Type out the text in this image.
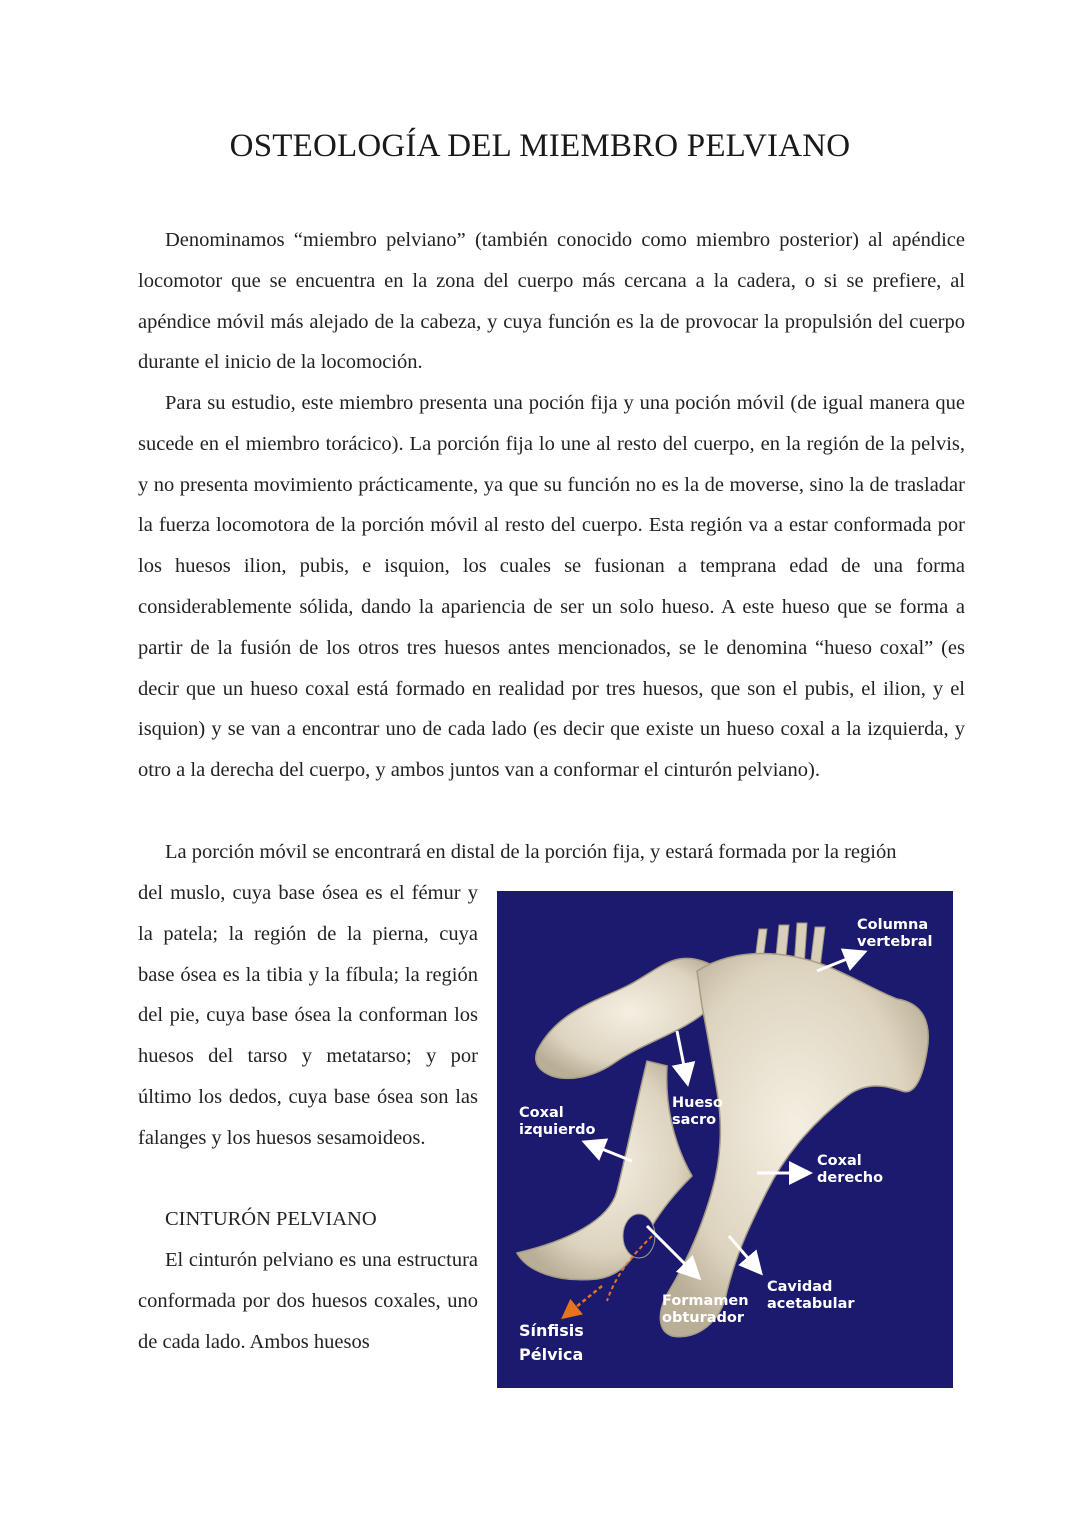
OSTEOLOGÍA DEL MIEMBRO PELVIANO

Denominamos “miembro pelviano” (también conocido como miembro posterior) al apéndice locomotor que se encuentra en la zona del cuerpo más cercana a la cadera, o si se prefiere, al apéndice móvil más alejado de la cabeza, y cuya función es la de provocar la propulsión del cuerpo durante el inicio de la locomoción.

Para su estudio, este miembro presenta una poción fija y una poción móvil (de igual manera que sucede en el miembro torácico). La porción fija lo une al resto del cuerpo, en la región de la pelvis, y no presenta movimiento prácticamente, ya que su función no es la de moverse, sino la de trasladar la fuerza locomotora de la porción móvil al resto del cuerpo. Esta región va a estar conformada por los huesos ilion, pubis, e isquion, los cuales se fusionan a temprana edad de una forma considerablemente sólida, dando la apariencia de ser un solo hueso. A este hueso que se forma a partir de la fusión de los otros tres huesos antes mencionados, se le denomina “hueso coxal” (es decir que un hueso coxal está formado en realidad por tres huesos, que son el pubis, el ilion, y el isquion) y se van a encontrar uno de cada lado (es decir que existe un hueso coxal a la izquierda, y otro a la derecha del cuerpo, y ambos juntos van a conformar el cinturón pelviano).

La porción móvil se encontrará en distal de la porción fija, y estará formada por la región

del muslo, cuya base ósea es el fémur y la patela; la región de la pierna, cuya base ósea es la tibia y la fíbula; la región del pie, cuya base ósea la conforman los huesos del tarso y metatarso; y por último los dedos, cuya base ósea son las falanges y los huesos sesamoideos.

CINTURÓN PELVIANO

El cinturón pelviano es una estructura conformada por dos huesos coxales, uno de cada lado. Ambos huesos

Columna
vertebral
Hueso
sacro
Coxal
izquierdo
Coxal
derecho
Cavidad
acetabular
Formamen
obturador
Sínfisis
Pélvica
